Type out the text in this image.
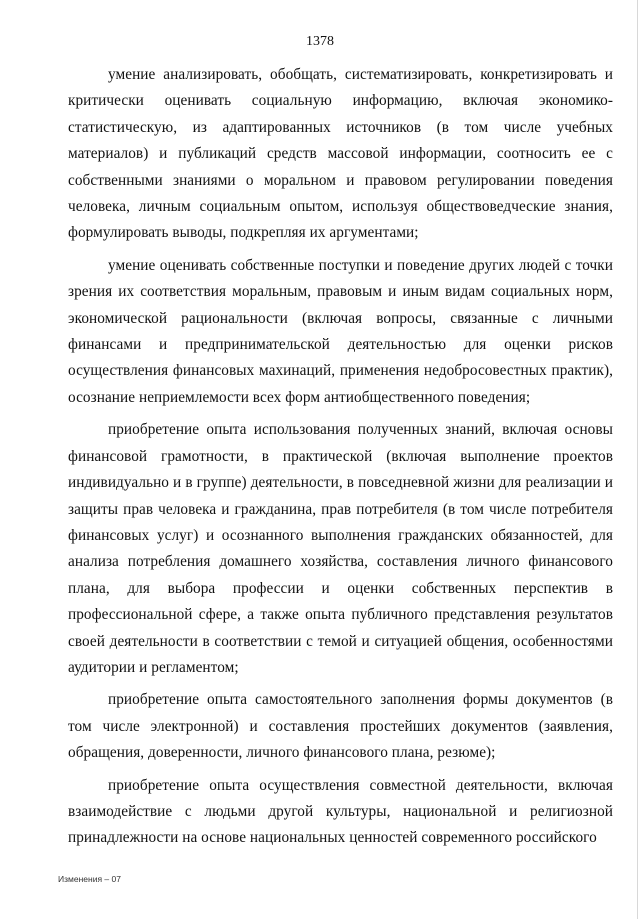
1378

умение анализировать, обобщать, систематизировать, конкретизировать и критически оценивать социальную информацию, включая экономико-статистическую, из адаптированных источников (в том числе учебных материалов) и публикаций средств массовой информации, соотносить ее с собственными знаниями о моральном и правовом регулировании поведения человека, личным социальным опытом, используя обществоведческие знания, формулировать выводы, подкрепляя их аргументами;

умение оценивать собственные поступки и поведение других людей с точки зрения их соответствия моральным, правовым и иным видам социальных норм, экономической рациональности (включая вопросы, связанные с личными финансами и предпринимательской деятельностью для оценки рисков осуществления финансовых махинаций, применения недобросовестных практик), осознание неприемлемости всех форм антиобщественного поведения;

приобретение опыта использования полученных знаний, включая основы финансовой грамотности, в практической (включая выполнение проектов индивидуально и в группе) деятельности, в повседневной жизни для реализации и защиты прав человека и гражданина, прав потребителя (в том числе потребителя финансовых услуг) и осознанного выполнения гражданских обязанностей, для анализа потребления домашнего хозяйства, составления личного финансового плана, для выбора профессии и оценки собственных перспектив в профессиональной сфере, а также опыта публичного представления результатов своей деятельности в соответствии с темой и ситуацией общения, особенностями аудитории и регламентом;

приобретение опыта самостоятельного заполнения формы документов (в том числе электронной) и составления простейших документов (заявления, обращения, доверенности, личного финансового плана, резюме);

приобретение опыта осуществления совместной деятельности, включая взаимодействие с людьми другой культуры, национальной и религиозной принадлежности на основе национальных ценностей современного российского

Изменения – 07
